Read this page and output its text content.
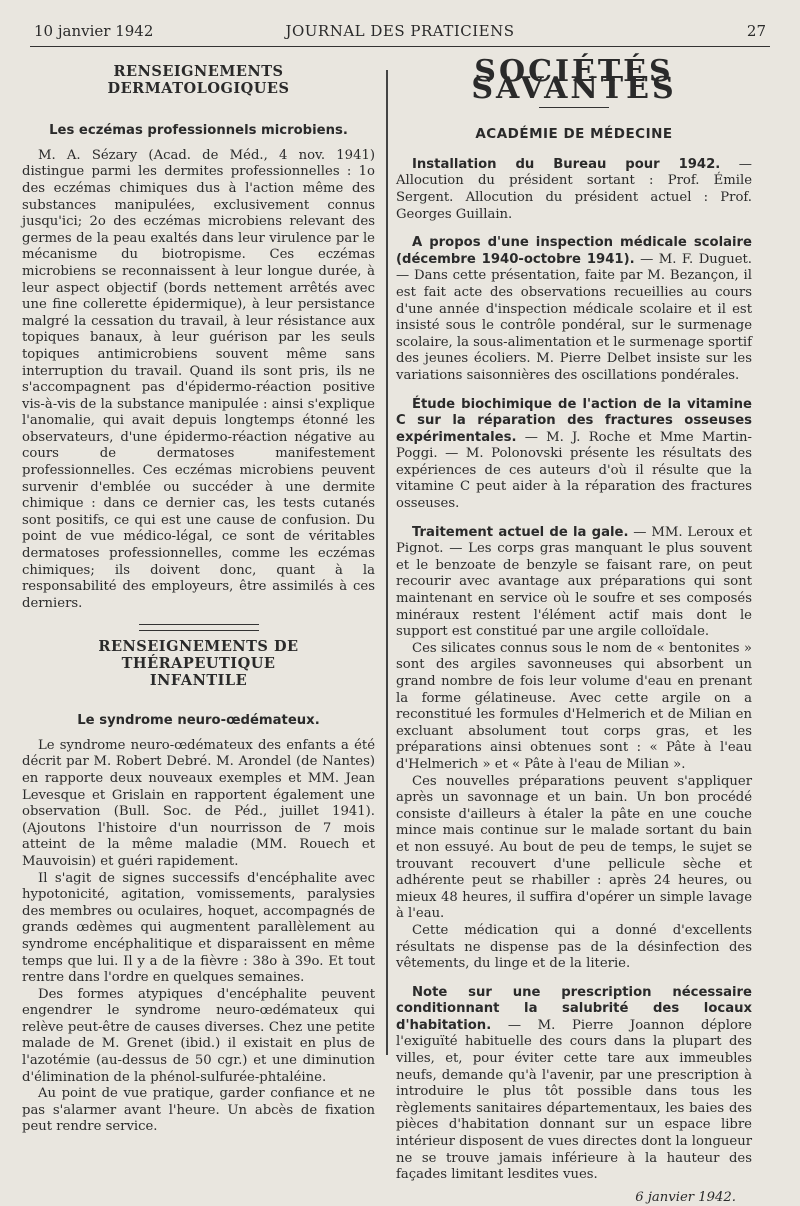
10 janvier 1942	JOURNAL DES PRATICIENS	27
RENSEIGNEMENTS DERMATOLOGIQUES
Les eczémas professionnels microbiens.

M. A. Sézary (Acad. de Méd., 4 nov. 1941) distingue parmi les dermites professionnelles : 1o des eczémas chimiques dus à l'action même des substances manipulées, exclusivement connus jusqu'ici; 2o des eczémas microbiens relevant des germes de la peau exaltés dans leur virulence par le mécanisme du biotropisme. Ces eczémas microbiens se reconnaissent à leur longue durée, à leur aspect objectif (bords nettement arrêtés avec une fine collerette épidermique), à leur persistance malgré la cessation du travail, à leur résistance aux topiques banaux, à leur guérison par les seuls topiques antimicrobiens souvent même sans interruption du travail. Quand ils sont pris, ils ne s'accompagnent pas d'épidermo-réaction positive vis-à-vis de la substance manipulée : ainsi s'explique l'anomalie, qui avait depuis longtemps étonné les observateurs, d'une épidermo-réaction négative au cours de dermatoses manifestement professionnelles. Ces eczémas microbiens peuvent survenir d'emblée ou succéder à une dermite chimique : dans ce dernier cas, les tests cutanés sont positifs, ce qui est une cause de confusion. Du point de vue médico-légal, ce sont de véritables dermatoses professionnelles, comme les eczémas chimiques; ils doivent donc, quant à la responsabilité des employeurs, être assimilés à ces derniers.

RENSEIGNEMENTS DE THÉRAPEUTIQUE
INFANTILE
Le syndrome neuro-œdémateux.

Le syndrome neuro-œdémateux des enfants a été décrit par M. Robert Debré. M. Arondel (de Nantes) en rapporte deux nouveaux exemples et MM. Jean Levesque et Grislain en rapportent également une observation (Bull. Soc. de Péd., juillet 1941). (Ajoutons l'histoire d'un nourrisson de 7 mois atteint de la même maladie (MM. Rouech et Mauvoisin) et guéri rapidement.

Il s'agit de signes successifs d'encéphalite avec hypotonicité, agitation, vomissements, paralysies des membres ou oculaires, hoquet, accompagnés de grands œdèmes qui augmentent parallèlement au syndrome encéphalitique et disparaissent en même temps que lui. Il y a de la fièvre : 38o à 39o. Et tout rentre dans l'ordre en quelques semaines.

Des formes atypiques d'encéphalite peuvent engendrer le syndrome neuro-œdémateux qui relève peut-être de causes diverses. Chez une petite malade de M. Grenet (ibid.) il existait en plus de l'azotémie (au-dessus de 50 cgr.) et une diminution d'élimination de la phénol-sulfurée-phtaléine.

Au point de vue pratique, garder confiance et ne pas s'alarmer avant l'heure. Un abcès de fixation peut rendre service.

SOCIÉTÉS SAVANTES
ACADÉMIE DE MÉDECINE

Installation du Bureau pour 1942. — Allocution du président sortant : Prof. Émile Sergent. Allocution du président actuel : Prof. Georges Guillain.

A propos d'une inspection médicale scolaire (décembre 1940-octobre 1941). — M. F. Duguet. — Dans cette présentation, faite par M. Bezançon, il est fait acte des observations recueillies au cours d'une année d'inspection médicale scolaire et il est insisté sous le contrôle pondéral, sur le surmenage scolaire, la sous-alimentation et le surmenage sportif des jeunes écoliers. M. Pierre Delbet insiste sur les variations saisonnières des oscillations pondérales.

Étude biochimique de l'action de la vitamine C sur la réparation des fractures osseuses expérimentales. — M. J. Roche et Mme Martin-Poggi. — M. Polonovski présente les résultats des expériences de ces auteurs d'où il résulte que la vitamine C peut aider à la réparation des fractures osseuses.

Traitement actuel de la gale. — MM. Leroux et Pignot. — Les corps gras manquant le plus souvent et le benzoate de benzyle se faisant rare, on peut recourir avec avantage aux préparations qui sont maintenant en service où le soufre et ses composés minéraux restent l'élément actif mais dont le support est constitué par une argile colloïdale.

Ces silicates connus sous le nom de « bentonites » sont des argiles savonneuses qui absorbent un grand nombre de fois leur volume d'eau en prenant la forme gélatineuse. Avec cette argile on a reconstitué les formules d'Helmerich et de Milian en excluant absolument tout corps gras, et les préparations ainsi obtenues sont : « Pâte à l'eau d'Helmerich » et « Pâte à l'eau de Milian ».

Ces nouvelles préparations peuvent s'appliquer après un savonnage et un bain. Un bon procédé consiste d'ailleurs à étaler la pâte en une couche mince mais continue sur le malade sortant du bain et non essuyé. Au bout de peu de temps, le sujet se trouvant recouvert d'une pellicule sèche et adhérente peut se rhabiller : après 24 heures, ou mieux 48 heures, il suffira d'opérer un simple lavage à l'eau.

Cette médication qui a donné d'excellents résultats ne dispense pas de la désinfection des vêtements, du linge et de la literie.

Note sur une prescription nécessaire conditionnant la salubrité des locaux d'habitation. — M. Pierre Joannon déplore l'exiguïté habituelle des cours dans la plupart des villes, et, pour éviter cette tare aux immeubles neufs, demande qu'à l'avenir, par une prescription à introduire le plus tôt possible dans tous les règlements sanitaires départementaux, les baies des pièces d'habitation donnant sur un espace libre intérieur disposent de vues directes dont la longueur ne se trouve jamais inférieure à la hauteur des façades limitant lesdites vues.

6 janvier 1942.
